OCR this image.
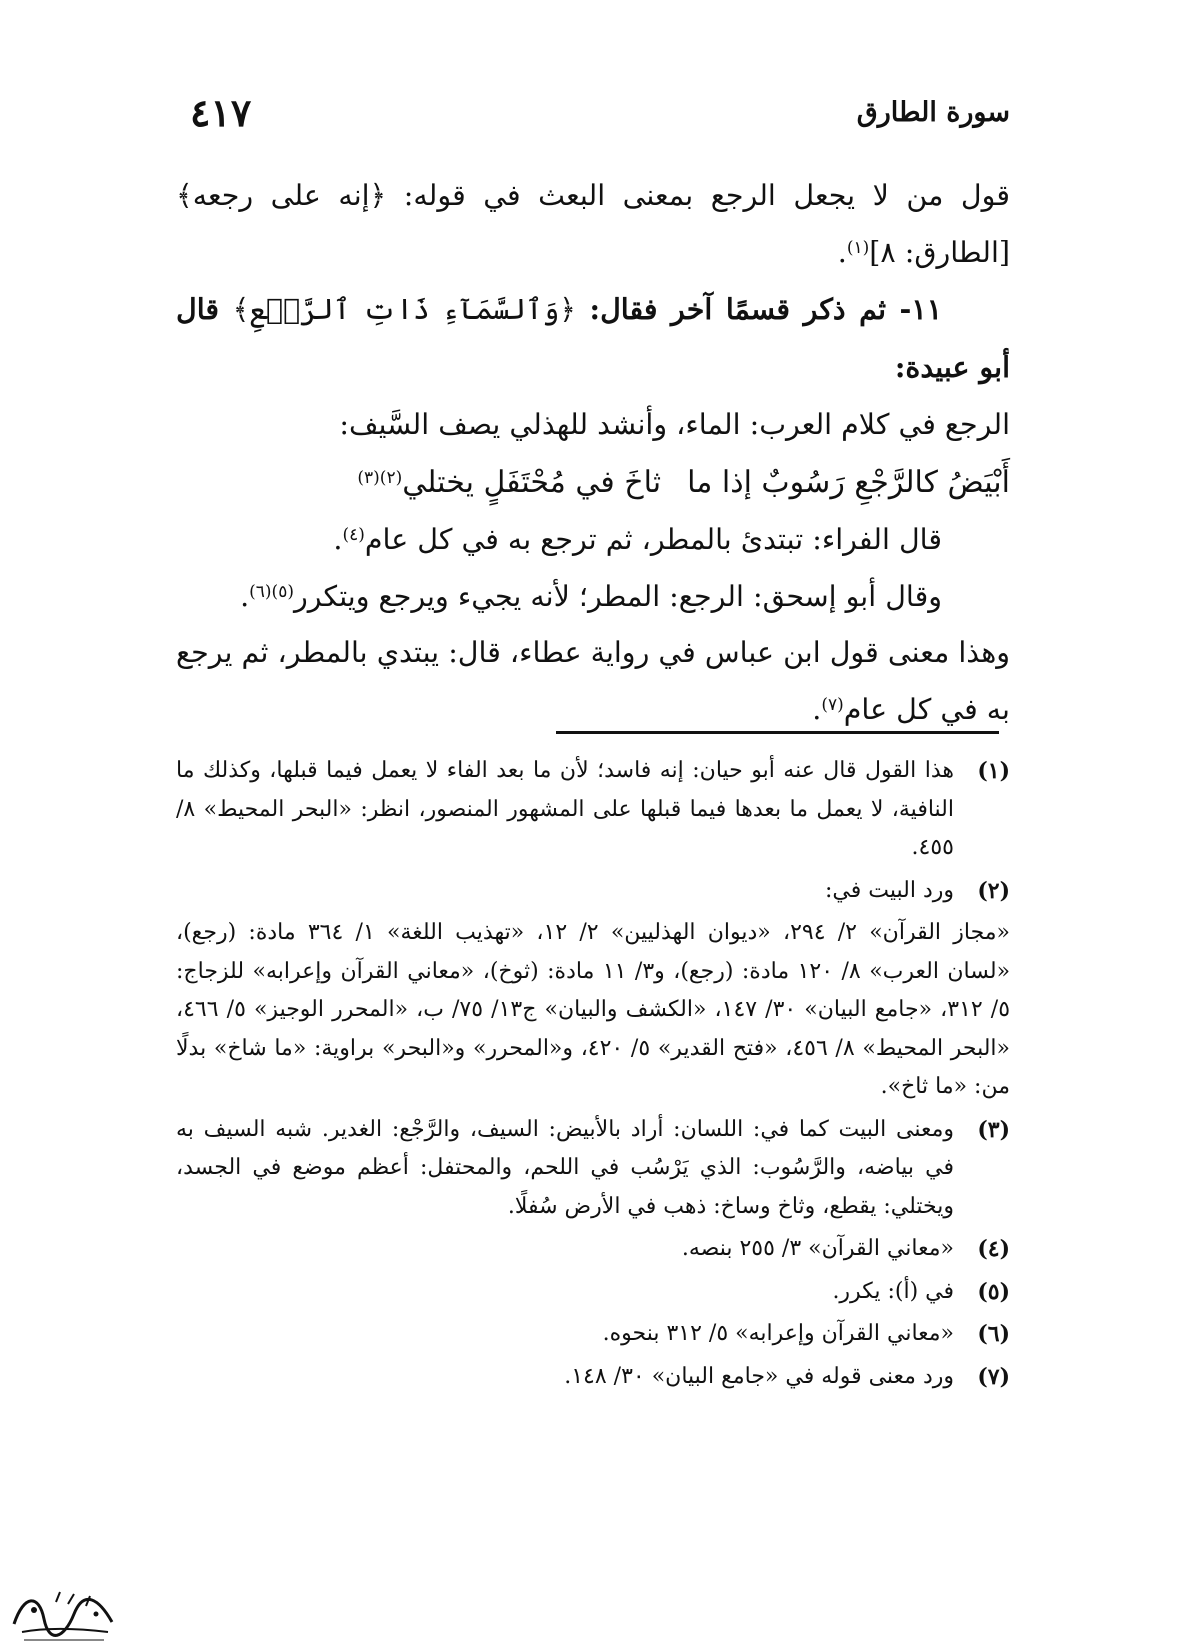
٤١٧	سورة الطارق

قول من لا يجعل الرجع بمعنى البعث في قوله: ﴿إنه على رجعه﴾ [الطارق: ٨]$^{(١)}$.

١١- ثم ذكر قسمًا آخر فقال: ﴿وَٱلسَّمَآءِ ذَاتِ ٱلرَّجۡعِ﴾ قال أبو عبيدة:

الرجع في كلام العرب: الماء، وأنشد للهذلي يصف السَّيف:

أَبْيَضُ كالرَّجْعِ رَسُوبٌ إذا ماثاخَ في مُحْتَفَلٍ يختلي$^{(٢)(٣)}$

قال الفراء: تبتدئ بالمطر، ثم ترجع به في كل عام$^{(٤)}$.

وقال أبو إسحق: الرجع: المطر؛ لأنه يجيء ويرجع ويتكرر$^{(٥)(٦)}$.

وهذا معنى قول ابن عباس في رواية عطاء، قال: يبتدي بالمطر، ثم يرجع به في كل عام$^{(٧)}$.

(١)
هذا القول قال عنه أبو حيان: إنه فاسد؛ لأن ما بعد الفاء لا يعمل فيما قبلها، وكذلك ما النافية، لا يعمل ما بعدها فيما قبلها على المشهور المنصور، انظر: «البحر المحيط» ٨/ ٤٥٥.
(٢)
ورد البيت في:
«مجاز القرآن» ٢/ ٢٩٤، «ديوان الهذليين» ٢/ ١٢، «تهذيب اللغة» ١/ ٣٦٤ مادة: (رجع)، «لسان العرب» ٨/ ١٢٠ مادة: (رجع)، و٣/ ١١ مادة: (ثوخ)، «معاني القرآن وإعرابه» للزجاج: ٥/ ٣١٢، «جامع البيان» ٣٠/ ١٤٧، «الكشف والبيان» ج١٣/ ٧٥/ ب، «المحرر الوجيز» ٥/ ٤٦٦، «البحر المحيط» ٨/ ٤٥٦، «فتح القدير» ٥/ ٤٢٠، و«المحرر» و«البحر» براوية: «ما شاخ» بدلًا من: «ما ثاخ».
(٣)
ومعنى البيت كما في: اللسان: أراد بالأبيض: السيف، والرَّجْع: الغدير. شبه السيف به في بياضه، والرَّسُوب: الذي يَرْسُب في اللحم، والمحتفل: أعظم موضع في الجسد، ويختلي: يقطع، وثاخ وساخ: ذهب في الأرض سُفلًا.
(٤)
«معاني القرآن» ٣/ ٢٥٥ بنصه.
(٥)
في (أ): يكرر.
(٦)
«معاني القرآن وإعرابه» ٥/ ٣١٢ بنحوه.
(٧)
ورد معنى قوله في «جامع البيان» ٣٠/ ١٤٨.
